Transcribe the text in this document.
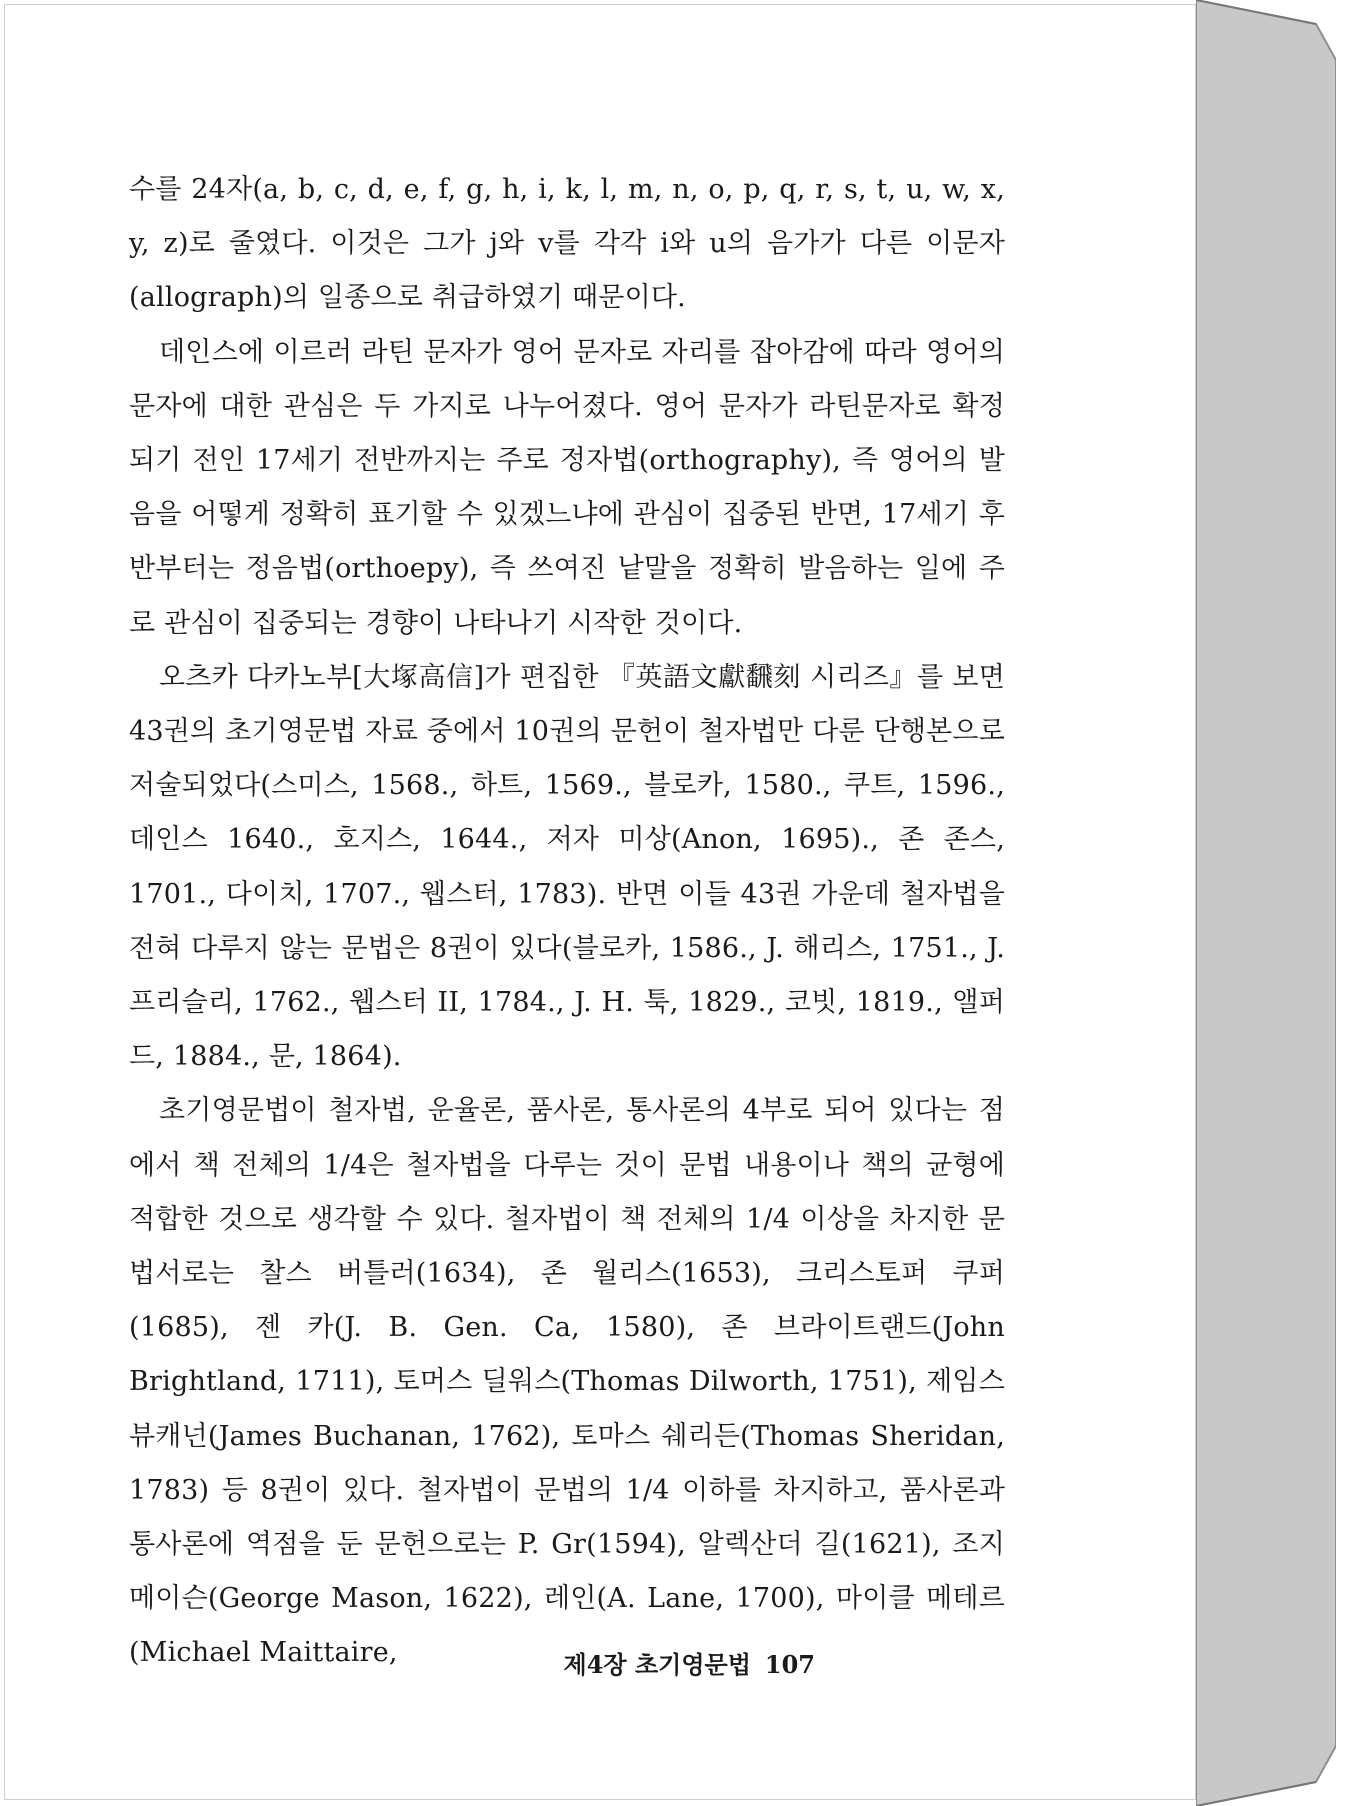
수를 24자(a, b, c, d, e, f, g, h, i, k, l, m, n, o, p, q, r, s, t, u, w, x, y, z)로 줄였다. 이것은 그가 j와 v를 각각 i와 u의 음가가 다른 이문자(allograph)의 일종으로 취급하였기 때문이다.

데인스에 이르러 라틴 문자가 영어 문자로 자리를 잡아감에 따라 영어의 문자에 대한 관심은 두 가지로 나누어졌다. 영어 문자가 라틴문자로 확정되기 전인 17세기 전반까지는 주로 정자법(orthography), 즉 영어의 발음을 어떻게 정확히 표기할 수 있겠느냐에 관심이 집중된 반면, 17세기 후반부터는 정음법(orthoepy), 즉 쓰여진 낱말을 정확히 발음하는 일에 주로 관심이 집중되는 경향이 나타나기 시작한 것이다.

오츠카 다카노부[大塚高信]가 편집한 『英語文獻飜刻 시리즈』를 보면 43권의 초기영문법 자료 중에서 10권의 문헌이 철자법만 다룬 단행본으로 저술되었다(스미스, 1568., 하트, 1569., 블로카, 1580., 쿠트, 1596., 데인스 1640., 호지스, 1644., 저자 미상(Anon, 1695)., 존 존스, 1701., 다이치, 1707., 웹스터, 1783). 반면 이들 43권 가운데 철자법을 전혀 다루지 않는 문법은 8권이 있다(블로카, 1586., J. 해리스, 1751., J. 프리슬리, 1762., 웹스터 II, 1784., J. H. 툭, 1829., 코빗, 1819., 앨퍼드, 1884., 문, 1864).

초기영문법이 철자법, 운율론, 품사론, 통사론의 4부로 되어 있다는 점에서 책 전체의 1/4은 철자법을 다루는 것이 문법 내용이나 책의 균형에 적합한 것으로 생각할 수 있다. 철자법이 책 전체의 1/4 이상을 차지한 문법서로는 찰스 버틀러(1634), 존 월리스(1653), 크리스토퍼 쿠퍼(1685), 젠 카(J. B. Gen. Ca, 1580), 존 브라이트랜드(John Brightland, 1711), 토머스 딜워스(Thomas Dilworth, 1751), 제임스 뷰캐넌(James Buchanan, 1762), 토마스 쉐리든(Thomas Sheridan, 1783) 등 8권이 있다. 철자법이 문법의 1/4 이하를 차지하고, 품사론과 통사론에 역점을 둔 문헌으로는 P. Gr(1594), 알렉산더 길(1621), 조지 메이슨(George Mason, 1622), 레인(A. Lane, 1700), 마이클 메테르(Michael Maittaire,	제4장 초기영문법 107
